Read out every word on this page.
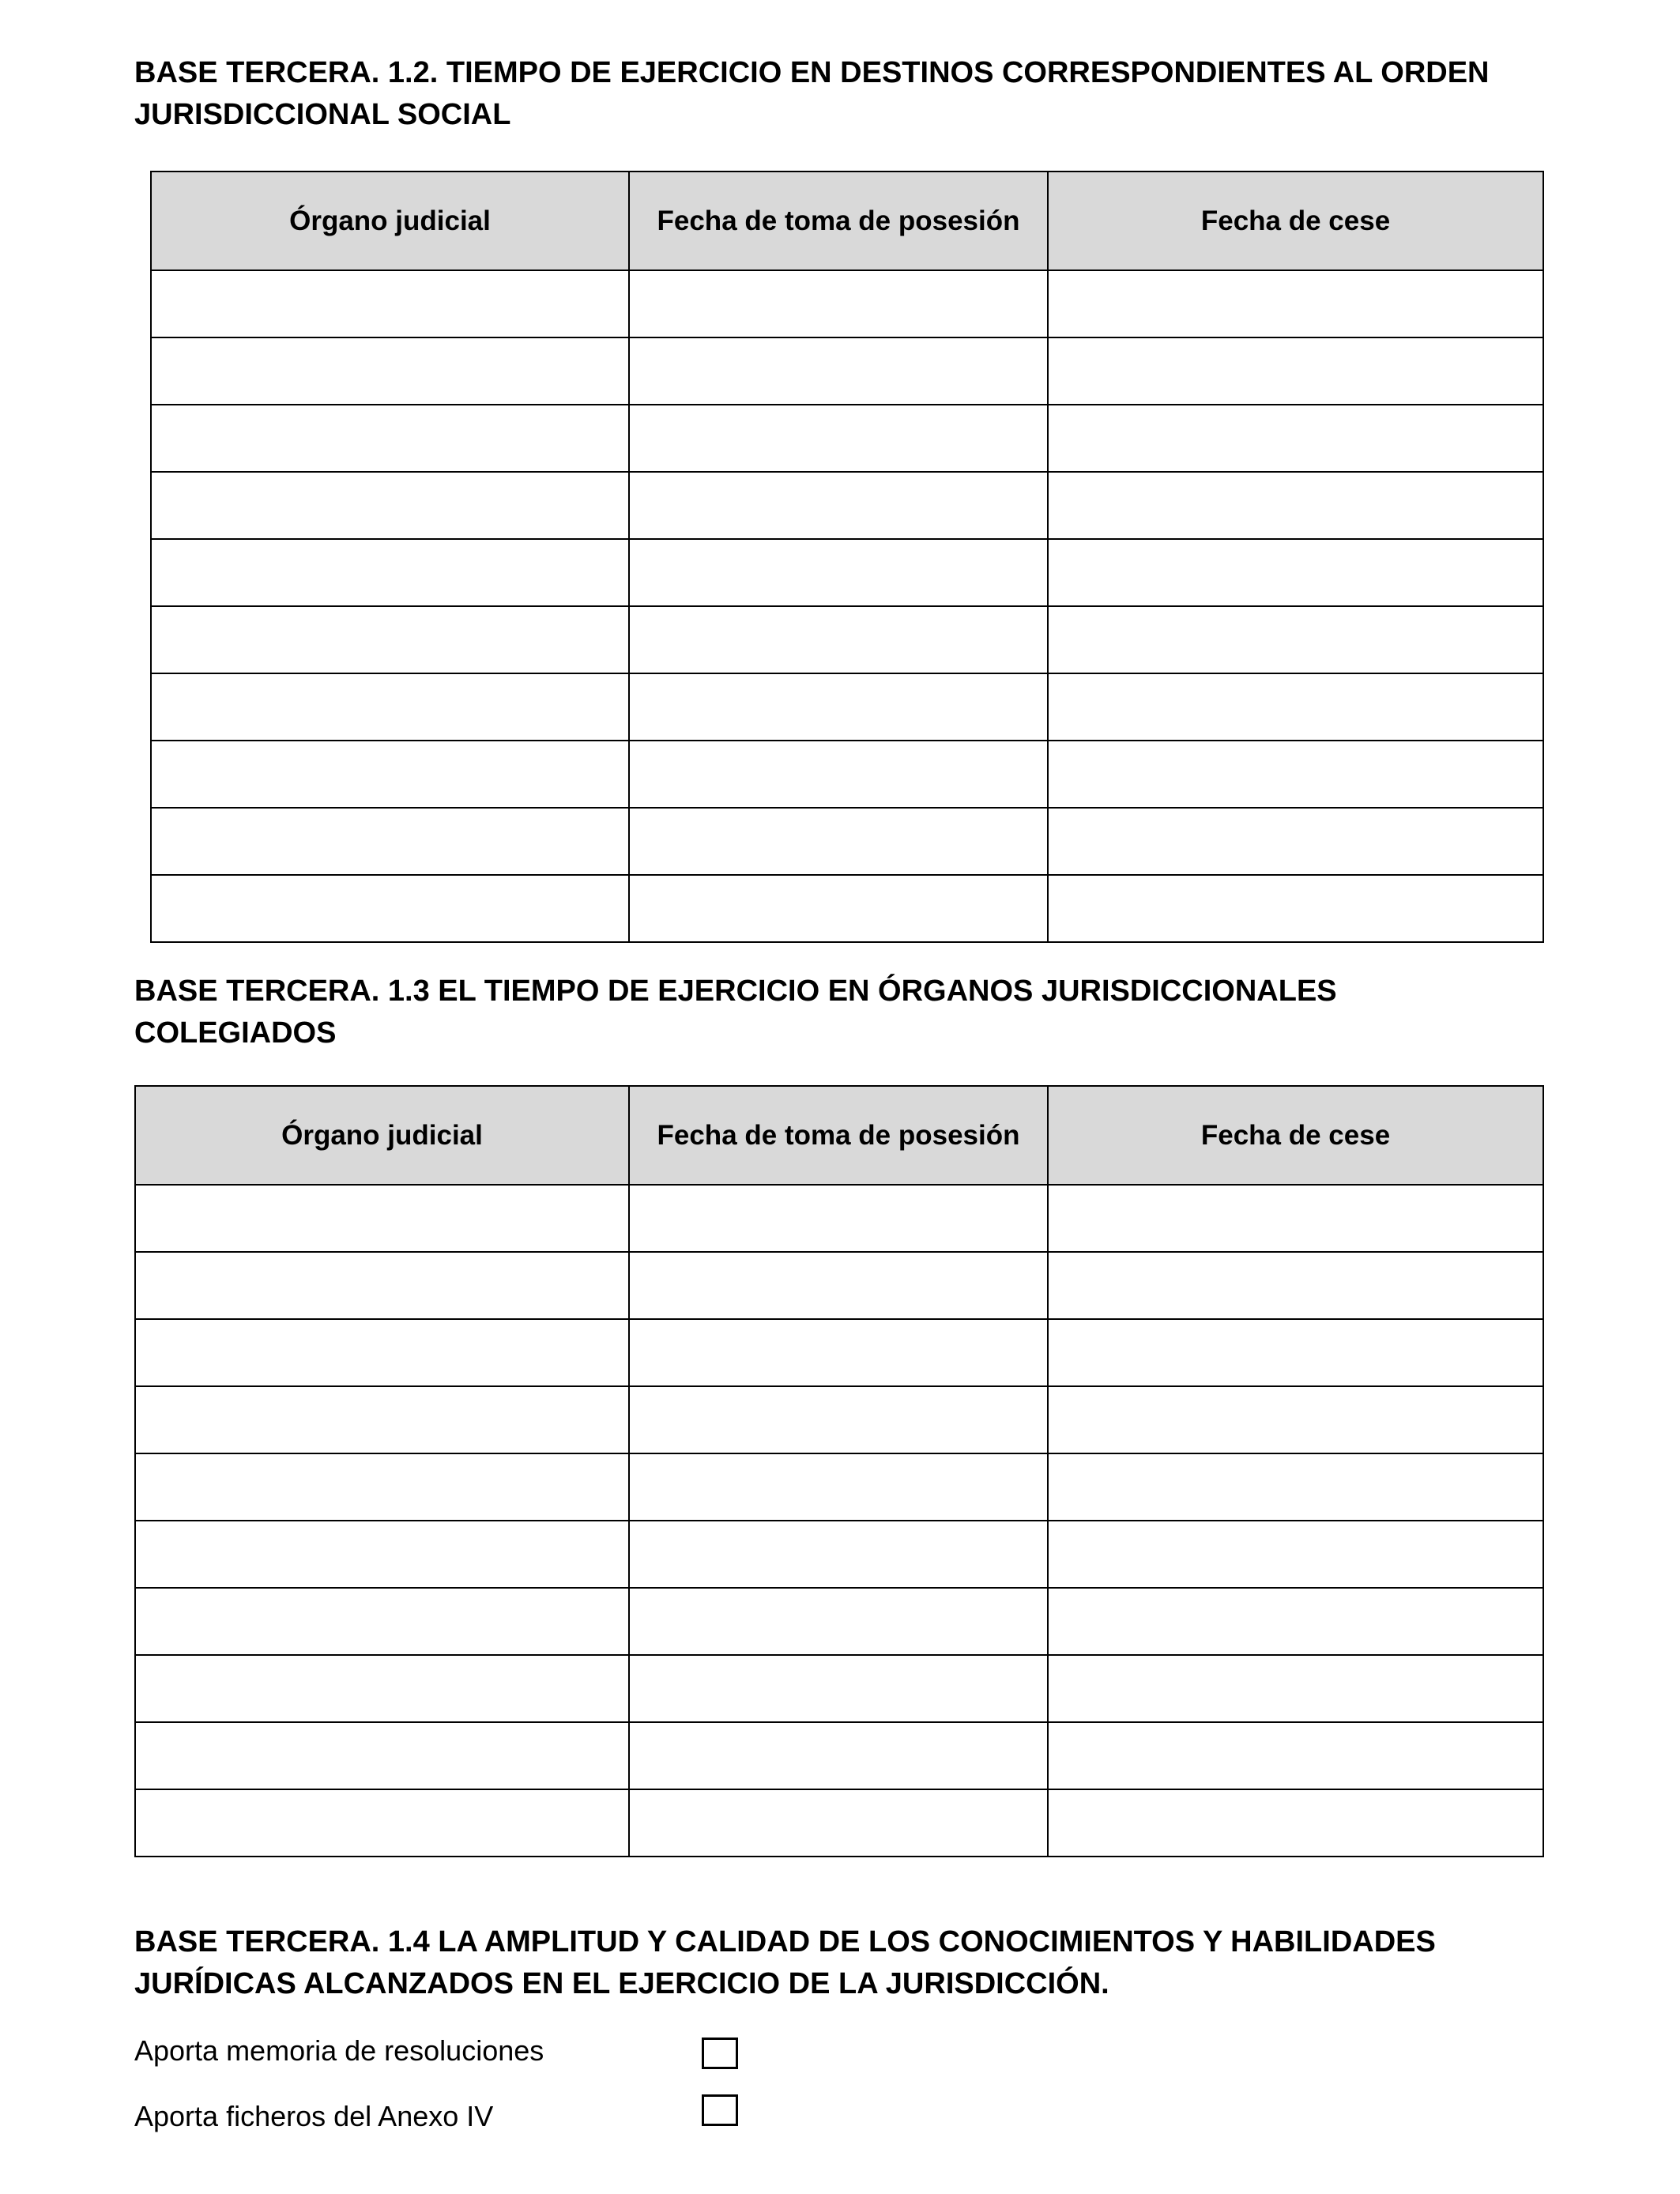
BASE TERCERA. 1.2. TIEMPO DE EJERCICIO EN DESTINOS CORRESPONDIENTES AL ORDEN
JURISDICCIONAL SOCIAL
Órgano judicial	Fecha de toma de posesión	Fecha de cese

BASE TERCERA. 1.3 EL TIEMPO DE EJERCICIO EN ÓRGANOS JURISDICCIONALES
COLEGIADOS
Órgano judicial	Fecha de toma de posesión	Fecha de cese

BASE TERCERA. 1.4 LA AMPLITUD Y CALIDAD DE LOS CONOCIMIENTOS Y HABILIDADES
JURÍDICAS ALCANZADOS EN EL EJERCICIO DE LA JURISDICCIÓN.
Aporta memoria de resoluciones
Aporta ficheros del Anexo IV
